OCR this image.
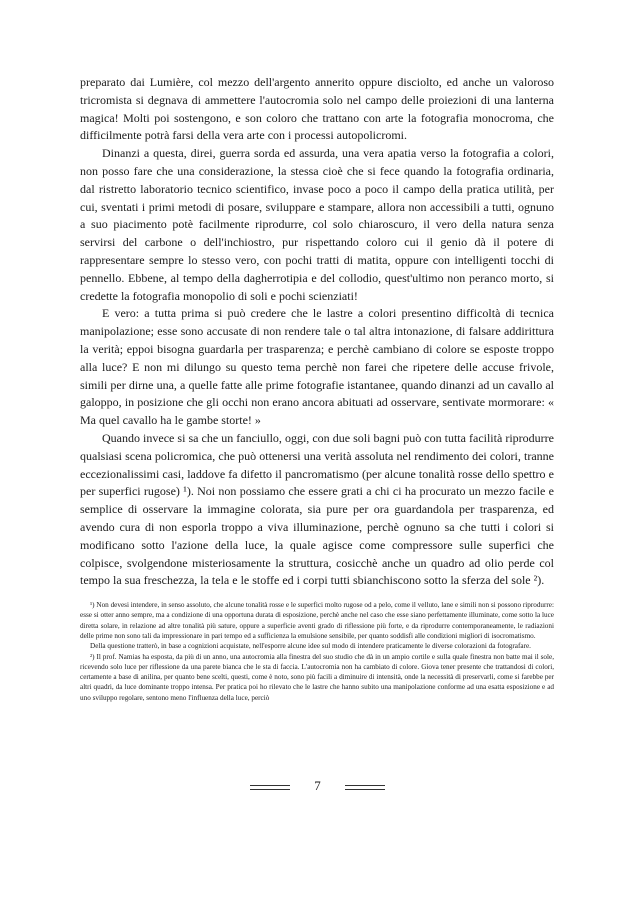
preparato dai Lumière, col mezzo dell'argento annerito oppure disciolto, ed anche un valoroso tricromista si degnava di ammettere l'autocromia solo nel campo delle proiezioni di una lanterna magica! Molti poi sostengono, e son coloro che trattano con arte la fotografia monocroma, che difficilmente potrà farsi della vera arte con i processi autopolicromi.

Dinanzi a questa, direi, guerra sorda ed assurda, una vera apatia verso la fotografia a colori, non posso fare che una considerazione, la stessa cioè che si fece quando la fotografia ordinaria, dal ristretto laboratorio tecnico scientifico, invase poco a poco il campo della pratica utilità, per cui, sventati i primi metodi di posare, sviluppare e stampare, allora non accessibili a tutti, ognuno a suo piacimento potè facilmente riprodurre, col solo chiaroscuro, il vero della natura senza servirsi del carbone o dell'inchiostro, pur rispettando coloro cui il genio dà il potere di rappresentare sempre lo stesso vero, con pochi tratti di matita, oppure con intelligenti tocchi di pennello. Ebbene, al tempo della dagherrotipia e del collodio, quest'ultimo non peranco morto, si credette la fotografia monopolio di soli e pochi scienziati!

E vero: a tutta prima si può credere che le lastre a colori presentino difficoltà di tecnica manipolazione; esse sono accusate di non rendere tale o tal altra intonazione, di falsare addirittura la verità; eppoi bisogna guardarla per trasparenza; e perchè cambiano di colore se esposte troppo alla luce? E non mi dilungo su questo tema perchè non farei che ripetere delle accuse frivole, simili per dirne una, a quelle fatte alle prime fotografie istantanee, quando dinanzi ad un cavallo al galoppo, in posizione che gli occhi non erano ancora abituati ad osservare, sentivate mormorare: « Ma quel cavallo ha le gambe storte! »

Quando invece si sa che un fanciullo, oggi, con due soli bagni può con tutta facilità riprodurre qualsiasi scena policromica, che può ottenersi una verità assoluta nel rendimento dei colori, tranne eccezionalissimi casi, laddove fa difetto il pancromatismo (per alcune tonalità rosse dello spettro e per superfici rugose) ¹). Noi non possiamo che essere grati a chi ci ha procurato un mezzo facile e semplice di osservare la immagine colorata, sia pure per ora guardandola per trasparenza, ed avendo cura di non esporla troppo a viva illuminazione, perchè ognuno sa che tutti i colori si modificano sotto l'azione della luce, la quale agisce come compressore sulle superfici che colpisce, svolgendone misteriosamente la struttura, cosicchè anche un quadro ad olio perde col tempo la sua freschezza, la tela e le stoffe ed i corpi tutti sbianchiscono sotto la sferza del sole ²).

¹) Non devesi intendere, in senso assoluto, che alcune tonalità rosse e le superfici molto rugose od a pelo, come il velluto, lane e simili non si possono riprodurre: esse si otter anno sempre, ma a condizione di una opportuna durata di esposizione, perchè anche nel caso che esse siano perfettamente illuminate, come sotto la luce diretta solare, in relazione ad altre tonalità più sature, oppure a superficie aventi grado di riflessione più forte, e da riprodurre contemporaneamente, le radiazioni delle prime non sono tali da impressionare in pari tempo ed a sufficienza la emulsione sensibile, per quanto soddisfi alle condizioni migliori di isocromatismo.

Della questione tratterò, in base a cognizioni acquistate, nell'esporre alcune idee sul modo di intendere praticamente le diverse colorazioni da fotografare.

²) Il prof. Namias ha esposta, da più di un anno, una autocromia alla finestra del suo studio che dà in un ampio cortile e sulla quale finestra non batte mai il sole, ricevendo solo luce per riflessione da una parete bianca che le sta di faccia. L'autocromia non ha cambiato di colore. Giova tener presente che trattandosi di colori, certamente a base di anilina, per quanto bene scelti, questi, come è noto, sono più facili a diminuire di intensità, onde la necessità di preservarli, come si farebbe per altri quadri, da luce dominante troppo intensa. Per pratica poi ho rilevato che le lastre che hanno subito una manipolazione conforme ad una esatta esposizione e ad uno sviluppo regolare, sentono meno l'influenza della luce, perciò

7
